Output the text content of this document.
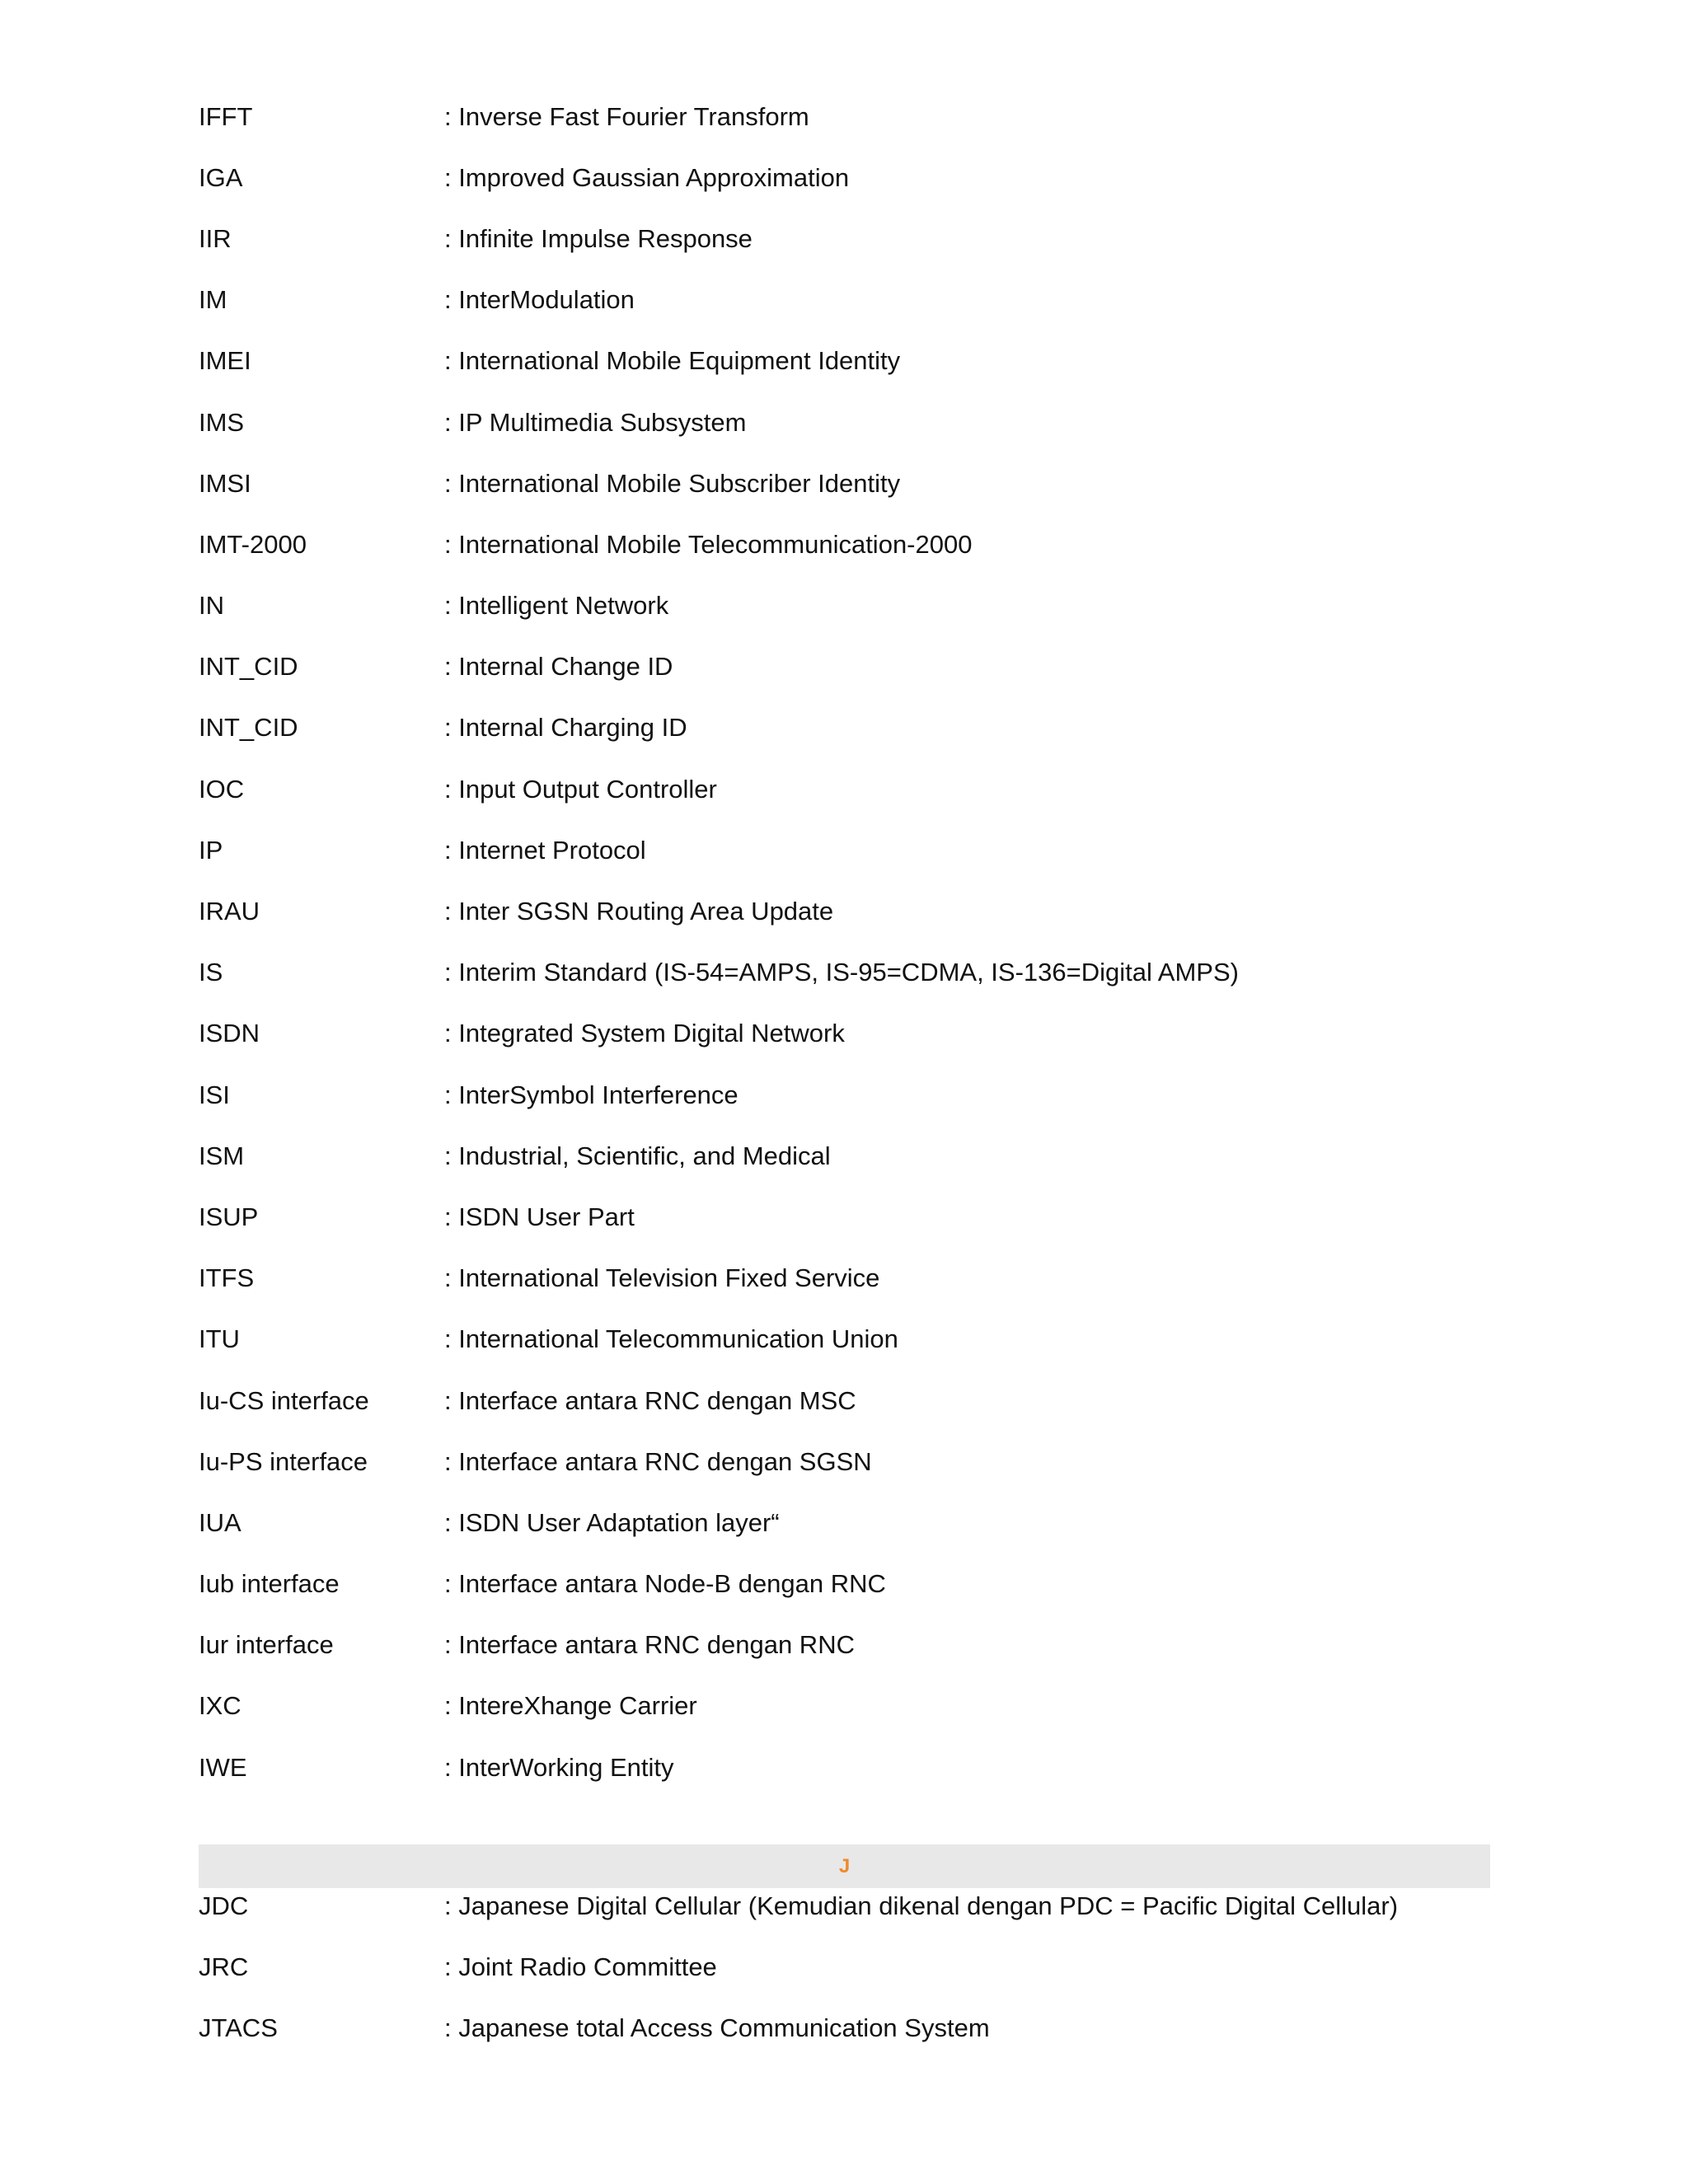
IFFT	: Inverse Fast Fourier Transform
IGA	: Improved Gaussian Approximation
IIR	: Infinite Impulse Response
IM	: InterModulation
IMEI	: International Mobile Equipment Identity
IMS	: IP Multimedia Subsystem
IMSI	: International Mobile Subscriber Identity
IMT-2000	: International Mobile Telecommunication-2000
IN	: Intelligent Network
INT_CID	: Internal Change ID
INT_CID	: Internal Charging ID
IOC	: Input Output Controller
IP	: Internet Protocol
IRAU	: Inter SGSN Routing Area Update
IS	: Interim Standard (IS-54=AMPS, IS-95=CDMA, IS-136=Digital AMPS)
ISDN	: Integrated System Digital Network
ISI	: InterSymbol Interference
ISM	: Industrial, Scientific, and Medical
ISUP	: ISDN User Part
ITFS	: International Television Fixed Service
ITU	: International Telecommunication Union
Iu-CS interface	: Interface antara RNC dengan MSC
Iu-PS interface	: Interface antara RNC dengan SGSN
IUA	: ISDN User Adaptation layer“
Iub interface	: Interface antara Node-B dengan RNC
Iur interface	: Interface antara RNC dengan RNC
IXC	: IntereXhange Carrier
IWE	: InterWorking Entity
J
JDC	: Japanese Digital Cellular (Kemudian dikenal dengan PDC = Pacific Digital Cellular)
JRC	: Joint Radio Committee
JTACS	: Japanese total Access Communication System
